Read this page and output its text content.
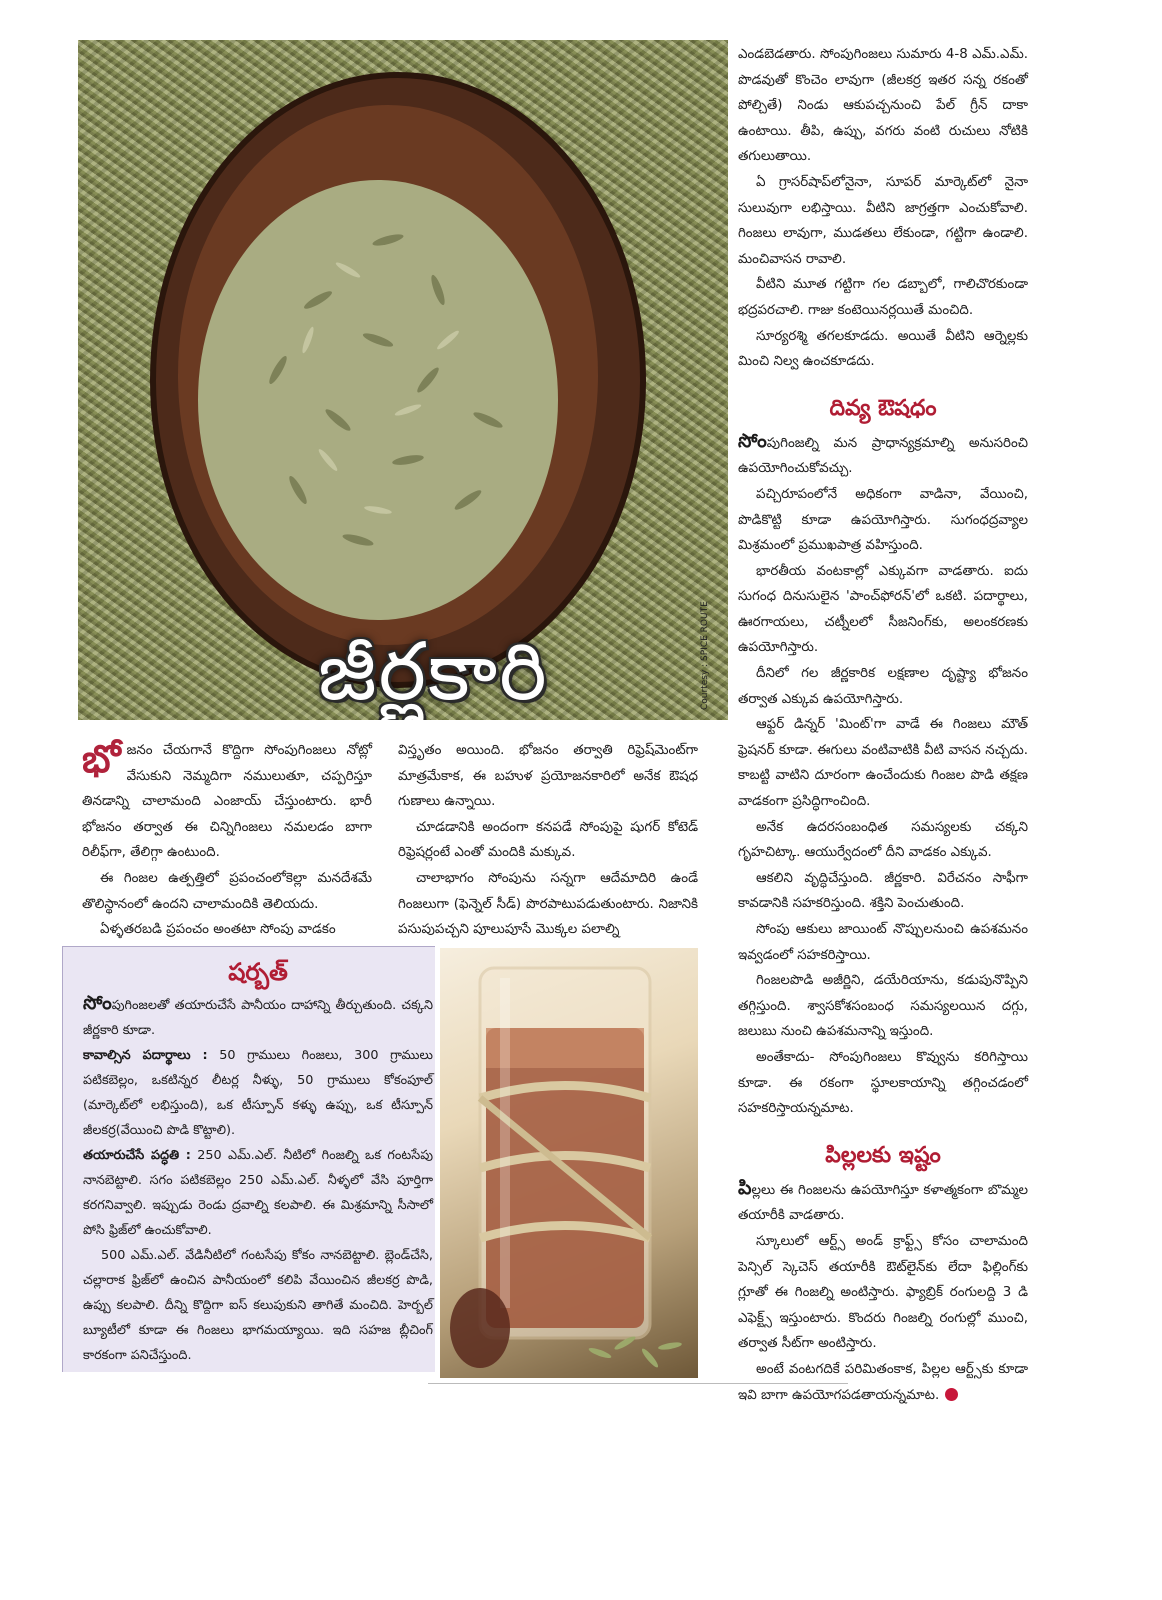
జీర్ణకారి	Courtesy : SPICE ROUTE

ఎండబెడతారు. సోంపుగింజలు సుమారు 4-8 ఎమ్.ఎమ్. పొడవుతో కొంచెం లావుగా (జీలకర్ర ఇతర సన్న రకంతో పోల్చితే) నిండు ఆకుపచ్చనుంచి పేల్ గ్రీన్ దాకా ఉంటాయి. తీపి, ఉప్పు, వగరు వంటి రుచులు నోటికి తగులుతాయి.

ఏ గ్రాసర్‌షాప్‌లోనైనా, సూపర్ మార్కెట్‌లో నైనా సులువుగా లభిస్తాయి. వీటిని జాగ్రత్తగా ఎంచుకోవాలి. గింజలు లావుగా, ముడతలు లేకుండా, గట్టిగా ఉండాలి. మంచివాసన రావాలి.

వీటిని మూత గట్టిగా గల డబ్బాలో, గాలిచొరకుండా భద్రపరచాలి. గాజు కంటెయినర్లయితే మంచిది.

సూర్యరశ్మి తగలకూడదు. అయితే వీటిని ఆర్నెల్లకు మించి నిల్వ ఉంచకూడదు.

దివ్య ఔషధం

సోంపుగింజల్ని మన ప్రాధాన్యక్రమాల్ని అనుసరించి ఉపయోగించుకోవచ్చు.

పచ్చిరూపంలోనే అధికంగా వాడినా, వేయించి, పొడికొట్టి కూడా ఉపయోగిస్తారు. సుగంధద్రవ్యాల మిశ్రమంలో ప్రముఖపాత్ర వహిస్తుంది.

భారతీయ వంటకాల్లో ఎక్కువగా వాడతారు. ఐదు సుగంధ దినుసులైన 'పాంచ్‌ఫోరన్'లో ఒకటి. పదార్థాలు, ఊరగాయలు, చట్నీలలో సీజనింగ్‌కు, అలంకరణకు ఉపయోగిస్తారు.

దీనిలో గల జీర్ణకారిక లక్షణాల దృష్ట్యా భోజనం తర్వాత ఎక్కువ ఉపయోగిస్తారు.

ఆఫ్టర్ డిన్నర్ 'మింట్'గా వాడే ఈ గింజలు మౌత్ ఫ్రెషనర్ కూడా. ఈగులు వంటివాటికి వీటి వాసన నచ్చదు. కాబట్టి వాటిని దూరంగా ఉంచేందుకు గింజల పొడి తక్షణ వాడకంగా ప్రసిద్ధిగాంచింది.

అనేక ఉదరసంబంధిత సమస్యలకు చక్కని గృహచిట్కా. ఆయుర్వేదంలో దీని వాడకం ఎక్కువ.

ఆకలిని వృద్ధిచేస్తుంది. జీర్ణకారి. విరేచనం సాఫీగా కావడానికి సహకరిస్తుంది. శక్తిని పెంచుతుంది.

సోంపు ఆకులు జాయింట్ నొప్పులనుంచి ఉపశమనం ఇవ్వడంలో సహకరిస్తాయి.

గింజలపొడి అజీర్ణిని, డయేరియాను, కడుపునొప్పిని తగ్గిస్తుంది. శ్వాసకోశసంబంధ సమస్యలయిన దగ్గు, జలుబు నుంచి ఉపశమనాన్ని ఇస్తుంది.

అంతేకాదు- సోంపుగింజలు కొవ్వును కరిగిస్తాయి కూడా. ఈ రకంగా స్థూలకాయాన్ని తగ్గించడంలో సహకరిస్తాయన్నమాట.

పిల్లలకు ఇష్టం

పిల్లలు ఈ గింజలను ఉపయోగిస్తూ కళాత్మకంగా బొమ్మల తయారీకి వాడతారు.

స్కూలులో ఆర్ట్స్ అండ్ క్రాఫ్ట్స్ కోసం చాలామంది పెన్సిల్ స్కెచెస్ తయారీకి ఔట్‌లైన్‌కు లేదా ఫిల్లింగ్‌కు గ్లూతో ఈ గింజల్ని అంటిస్తారు. ఫ్యాబ్రిక్ రంగులద్ది 3 డి ఎఫెక్ట్స్ ఇస్తుంటారు. కొందరు గింజల్ని రంగుల్లో ముంచి, తర్వాత సీట్‌గా అంటిస్తారు.

అంటే వంటగదికే పరిమితంకాక, పిల్లల ఆర్ట్స్‌కు కూడా ఇవి బాగా ఉపయోగపడతాయన్నమాట.

భోజనం చేయగానే కొద్దిగా సోంపుగింజలు నోట్లో వేసుకుని నెమ్మదిగా నములుతూ, చప్పరిస్తూ తినడాన్ని చాలామంది ఎంజాయ్ చేస్తుంటారు. భారీ భోజనం తర్వాత ఈ చిన్నిగింజలు నమలడం బాగా రిలీఫ్‌గా, తేలిగ్గా ఉంటుంది.

ఈ గింజల ఉత్పత్తిలో ప్రపంచంలోకెల్లా మనదేశమే తొలిస్థానంలో ఉందని చాలామందికి తెలియదు.

ఏళ్ళతరబడి ప్రపంచం అంతటా సోంపు వాడకం

విస్తృతం అయింది. భోజనం తర్వాతి రిఫ్రెష్‌మెంట్‌గా మాత్రమేకాక, ఈ బహుళ ప్రయోజనకారిలో అనేక ఔషధ గుణాలు ఉన్నాయి.

చూడడానికి అందంగా కనపడే సోంపుపై షుగర్ కోటెడ్ రిఫ్రెషర్లంటే ఎంతో మందికి మక్కువ.

చాలాభాగం సోంపును సన్నగా ఆదేమాదిరి ఉండే గింజలుగా (ఫెన్నెల్ సీడ్) పొరపాటుపడుతుంటారు. నిజానికి పసుపుపచ్చని పూలుపూసే మొక్కల పలాల్ని

షర్బత్

సోంపుగింజలతో తయారుచేసే పానీయం దాహాన్ని తీర్చుతుంది. చక్కని జీర్ణకారి కూడా.

కావాల్సిన పదార్థాలు : 50 గ్రాములు గింజలు, 300 గ్రాములు పటికబెల్లం, ఒకటిన్నర లీటర్ల నీళ్ళు, 50 గ్రాములు కోకంపూల్ (మార్కెట్‌లో లభిస్తుంది), ఒక టీస్పూన్ కళ్ళు ఉప్పు, ఒక టీస్పూన్ జీలకర్ర(వేయించి పొడి కొట్టాలి).

తయారుచేసే పద్ధతి : 250 ఎమ్.ఎల్. నీటిలో గింజల్ని ఒక గంటసేపు నానబెట్టాలి. సగం పటికబెల్లం 250 ఎమ్.ఎల్. నీళ్ళలో వేసి పూర్తిగా కరగనివ్వాలి. ఇప్పుడు రెండు ద్రవాల్ని కలపాలి. ఈ మిశ్రమాన్ని సీసాలో పోసి ఫ్రిజ్‌లో ఉంచుకోవాలి.

500 ఎమ్.ఎల్. వేడినీటిలో గంటసేపు కోకం నానబెట్టాలి. బ్లెండ్‌చేసి, చల్లారాక ఫ్రిజ్‌లో ఉంచిన పానీయంలో కలిపి వేయించిన జీలకర్ర పొడి, ఉప్పు కలపాలి. దీన్ని కొద్దిగా ఐస్ కలుపుకుని తాగితే మంచిది. హెర్బల్ బ్యూటీలో కూడా ఈ గింజలు భాగమయ్యాయి. ఇది సహజ బ్లీచింగ్ కారకంగా పనిచేస్తుంది.
